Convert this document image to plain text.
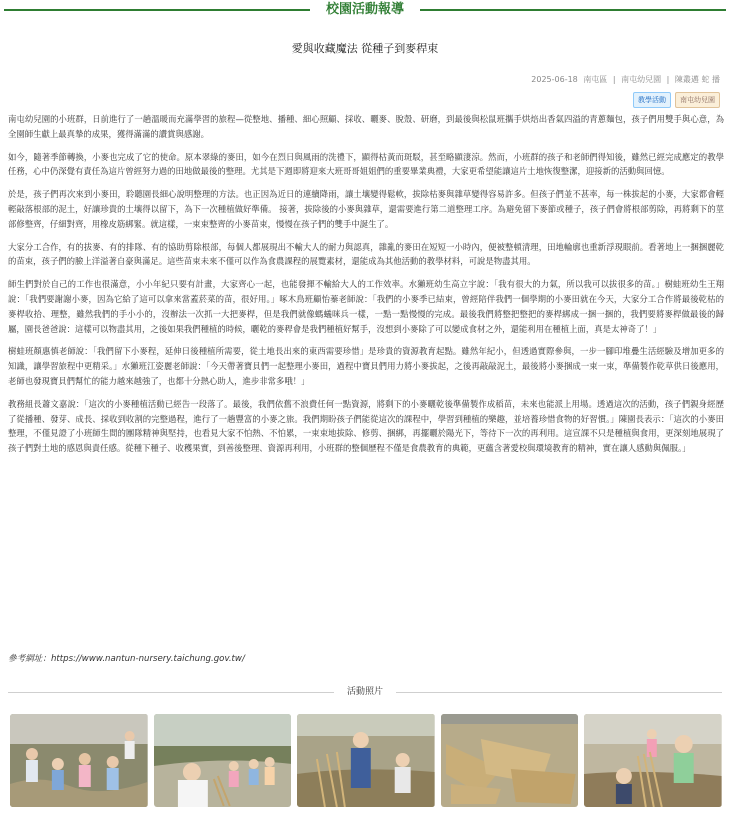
校園活動報導
愛與收藏魔法 從種子到麥稈束
2025-06-18 南屯區 | 南屯幼兒園 | 陳叢邁 蛇 播
教學活動	南屯幼兒園

南屯幼兒園的小班群，日前進行了一趟溫暖而充滿學習的旅程—從整地、播種、細心照顧、採收、曬麥、脫殼、研磨，到最後與松鼠班攜手烘焙出香氣四溢的青蔥麵包，孩子們用雙手與心意，為全園師生獻上最真摯的成果，獲得滿滿的讚賞與感謝。

如今，隨著季節轉換，小麥也完成了它的使命。原本翠綠的麥田，如今在烈日與風雨的洗禮下，顯得枯黃而斑駁，甚至略顯淒涼。然而，小班群的孩子和老師們得知後，雖然已經完成應定的教學任務，心中仍深覺有責任為這片曾經努力過的田地做最後的整理。尤其是下週即將迎來大班哥哥姐姐們的重要畢業典禮，大家更希望能讓這片土地恢復整潔，迎接新的活動與回憶。

於是，孩子們再次來到小麥田，聆聽園長細心說明整理的方法。也正因為近日的連續降雨，讓土壤變得鬆軟，拔除枯麥與雜草變得容易許多。但孩子們並不甚率，每一株拔起的小麥，大家都會輕輕敲落根部的泥土，好讓珍貴的土壤得以留下，為下一次種植做好準備。 接著，拔除後的小麥與雜草，還需要進行第二道整理工序。為避免留下麥節或種子，孩子們會將根部剪除，再將剩下的莖部修整齊，仔細對齊，用橡皮筋綁緊。就這樣，一束束整齊的小麥苗束，慢慢在孩子們的雙手中誕生了。

大家分工合作，有的拔麥、有的排隊、有的協助剪除根部，每個人都展現出不輸大人的耐力與認真，雜亂的麥田在短短一小時內，便被整頓清理，田地輪廓也重新浮現眼前。看著地上一捆捆麗乾的苗束，孩子們的臉上洋溢著自豪與滿足。這些苗束未來不僅可以作為食農課程的展覽素材，還能成為其他活動的教學材料，可說是物盡其用。

師生們對於自己的工作也很滿意，小小年紀只要有計畫，大家齊心一起，也能發揮不輸給大人的工作效率。水獺班幼生高立宇說：「我有很大的力氣，所以我可以拔很多的苗。」樹蛙班幼生王翔說：「我們要謝謝小麥，因為它給了這可以拿來當蓋菸菜的苗，很好用。」啄木鳥班顧怡蓁老師說：「我們的小麥季已結束，曾經陪伴我們一個學期的小麥田就在今天，大家分工合作將最後乾枯的麥桿收拾、理整，雖然我們的手小小的，沒辦法一次抓一大把麥桿，但是我們就像螞蟻咪兵一樣，一點一點慢慢的完成。最後我們將整把整把的麥桿綁成一捆一捆的，我們要將麥桿做最後的歸屬，園長爸爸說：這樣可以物盡其用，之後如果我們種植的時候，曬乾的麥稈會是我們種植好幫手，沒想到小麥除了可以變成食材之外，還能利用在種植上面，真是太神奇了！」

樹蛙班顏惠慎老師說：「我們留下小麥程，延伸日後種植所需要，從土地長出來的東西需要珍惜」是珍貴的資源教育起點。雖然年紀小，但透過實際參與，一步一腳印堆疊生活經驗及增加更多的知識，讓學習旅程中更精采。」水獺班江姿麗老師說：「今天帶著寶貝們一起整理小麥田，過程中寶貝們用力將小麥拔起，之後再敲敲泥土，最後將小麥捆成一束一束，準備製作乾草供日後應用，老師也發現寶貝們幫忙的能力越來越強了，也都十分熱心助人，進步非常多哦！」

教務組長蕭文嘉說：「這次的小麥種植活動已經告一段落了。最後，我們依舊不浪費任何一點資源，將剩下的小麥曬乾後準備製作成稻苗，未來也能派上用場。透過這次的活動，孩子們親身經歷了從播種、發芽、成長、採收到收割的完整過程，進行了一趟豐富的小麥之旅。我們期盼孩子們能從這次的課程中，學習到種植的樂趣，並培養珍惜食物的好習慣。」陳園長表示：「這次的小麥田整理，不僅見證了小班師生間的團隊精神與堅持，也看見大家不怕熱、不怕累，一束束地拔除、修剪、捆綁，再擺曬於陽光下，等待下一次的再利用。這宣課不只是種植與食用，更深刻地展現了孩子們對土地的感恩與責任感。從種下種子、收穫果實，到善後整理、資源再利用，小班群的整個歷程不僅是食農教育的典範，更蘊含著愛校與環境教育的精神，實在讓人感動與佩服。」

參考網址：https://www.nantun-nursery.taichung.gov.tw/
活動照片
